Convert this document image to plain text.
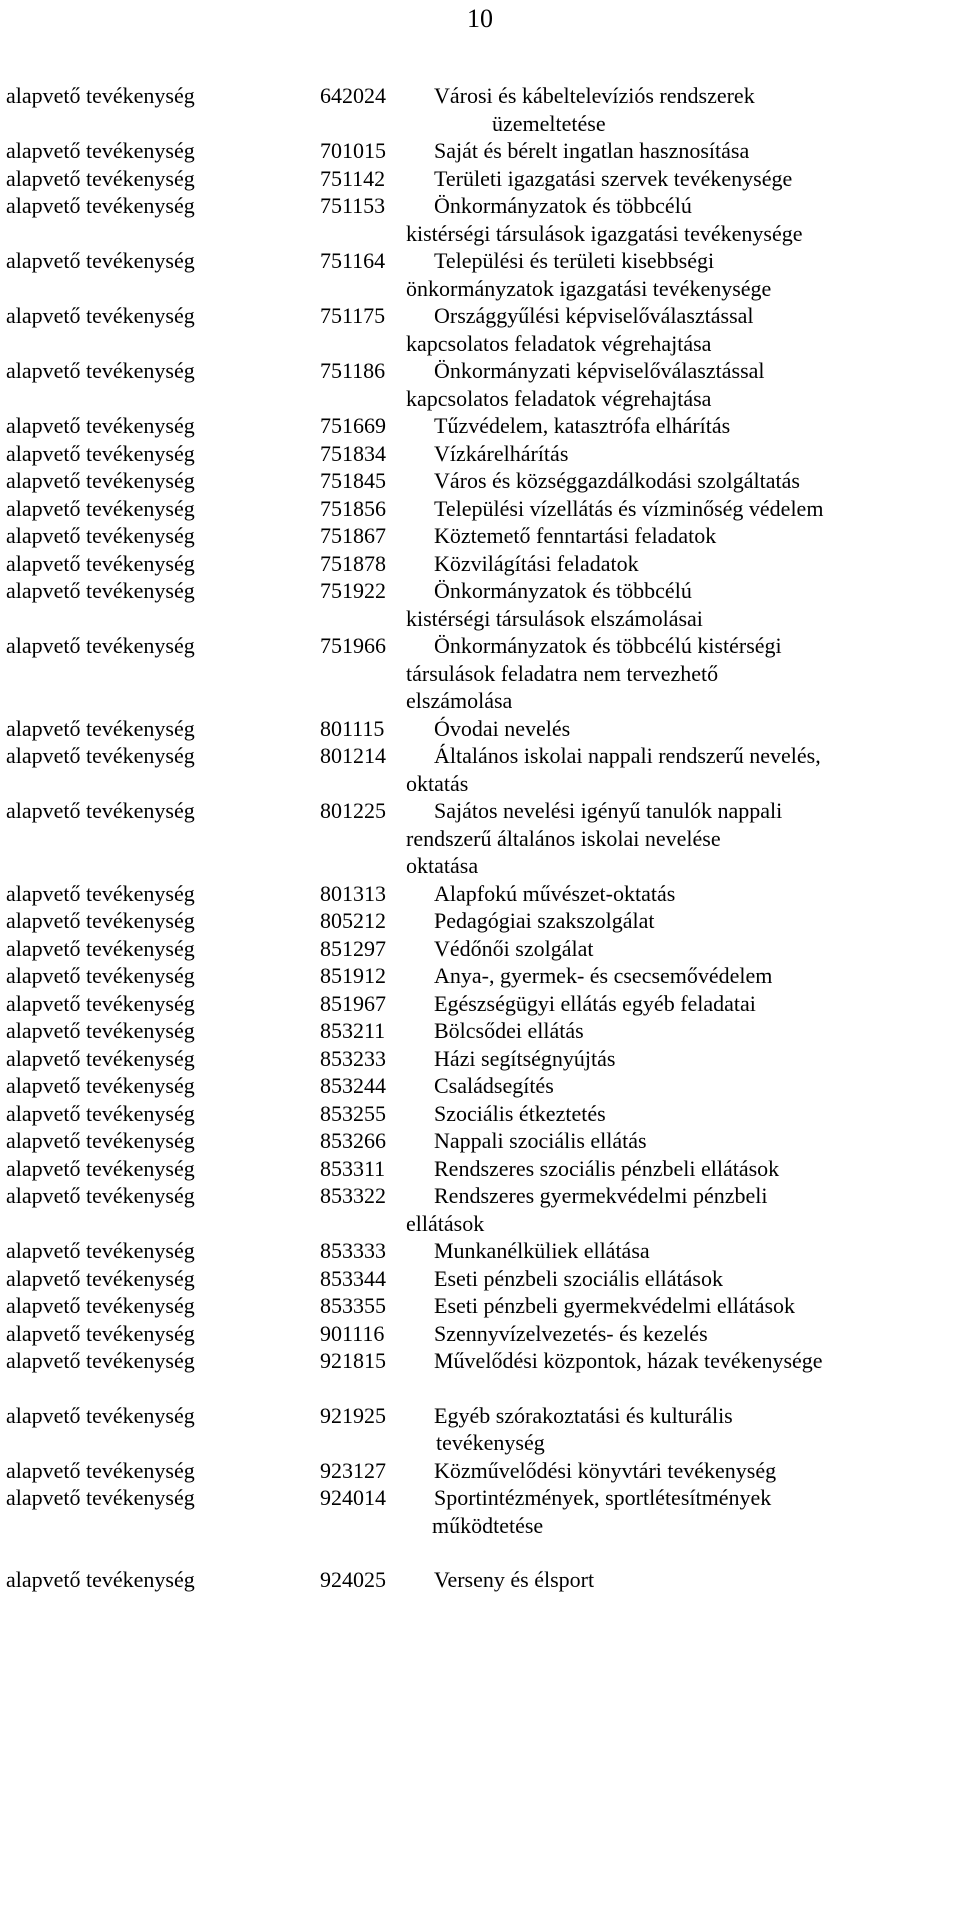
10
alapvető tevékenység	642024	Városi és kábeltelevíziós rendszerek
üzemeltetése
alapvető tevékenység	701015	Saját és bérelt ingatlan hasznosítása
alapvető tevékenység	751142	Területi igazgatási szervek tevékenysége
alapvető tevékenység	751153	Önkormányzatok és többcélú
kistérségi társulások igazgatási tevékenysége
alapvető tevékenység	751164	Települési és területi kisebbségi
önkormányzatok igazgatási tevékenysége
alapvető tevékenység	751175	Országgyűlési képviselőválasztással
kapcsolatos feladatok végrehajtása
alapvető tevékenység	751186	Önkormányzati képviselőválasztással
kapcsolatos feladatok végrehajtása
alapvető tevékenység	751669	Tűzvédelem, katasztrófa elhárítás
alapvető tevékenység	751834	Vízkárelhárítás
alapvető tevékenység	751845	Város és községgazdálkodási szolgáltatás
alapvető tevékenység	751856	Települési vízellátás és vízminőség védelem
alapvető tevékenység	751867	Köztemető fenntartási feladatok
alapvető tevékenység	751878	Közvilágítási feladatok
alapvető tevékenység	751922	Önkormányzatok és többcélú
kistérségi társulások elszámolásai
alapvető tevékenység	751966	Önkormányzatok és többcélú kistérségi
társulások feladatra nem tervezhető
elszámolása
alapvető tevékenység	801115	Óvodai nevelés
alapvető tevékenység	801214	Általános iskolai nappali rendszerű nevelés,
oktatás
alapvető tevékenység	801225	Sajátos nevelési igényű tanulók nappali
rendszerű általános iskolai nevelése
oktatása
alapvető tevékenység	801313	Alapfokú művészet-oktatás
alapvető tevékenység	805212	Pedagógiai szakszolgálat
alapvető tevékenység	851297	Védőnői szolgálat
alapvető tevékenység	851912	Anya-, gyermek- és csecsemővédelem
alapvető tevékenység	851967	Egészségügyi ellátás egyéb feladatai
alapvető tevékenység	853211	Bölcsődei ellátás
alapvető tevékenység	853233	Házi segítségnyújtás
alapvető tevékenység	853244	Családsegítés
alapvető tevékenység	853255	Szociális étkeztetés
alapvető tevékenység	853266	Nappali szociális ellátás
alapvető tevékenység	853311	Rendszeres szociális pénzbeli ellátások
alapvető tevékenység	853322	Rendszeres gyermekvédelmi pénzbeli
ellátások
alapvető tevékenység	853333	Munkanélküliek ellátása
alapvető tevékenység	853344	Eseti pénzbeli szociális ellátások
alapvető tevékenység	853355	Eseti pénzbeli gyermekvédelmi ellátások
alapvető tevékenység	901116	Szennyvízelvezetés- és kezelés
alapvető tevékenység	921815	Művelődési központok, házak tevékenysége
alapvető tevékenység	921925	Egyéb szórakoztatási és kulturális
tevékenység
alapvető tevékenység	923127	Közművelődési könyvtári tevékenység
alapvető tevékenység	924014	Sportintézmények, sportlétesítmények
működtetése
alapvető tevékenység	924025	Verseny és élsport
